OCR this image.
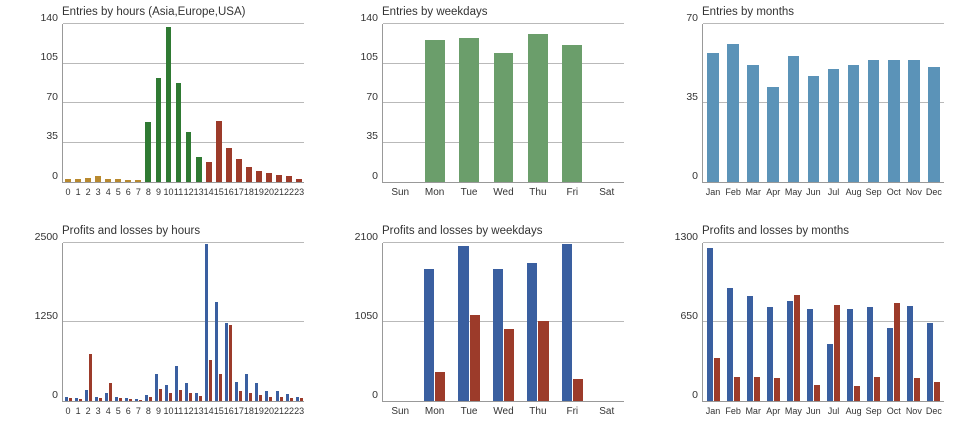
Entries by hours (Asia,Europe,USA)
0
35
70
105
140
0 1 2 3 4 5 6 7 8 9 10 11 12 13 14 15 16 17 18 19 20 21 22 23
Entries by weekdays
0
35
70
105
140
Sun	Mon	Tue	Wed	Thu	Fri	Sat
Entries by months
0
35
70
Jan Feb Mar Apr May Jun Jul Aug Sep Oct Nov Dec
Profits and losses by hours
0
1250
2500
0 1 2 3 4 5 6 7 8 9 10 11 12 13 14 15 16 17 18 19 20 21 22 23
Profits and losses by weekdays
0
1050
2100
Sun	Mon	Tue	Wed	Thu	Fri	Sat
Profits and losses by months
0
650
1300
Jan Feb Mar Apr May Jun Jul Aug Sep Oct Nov Dec
